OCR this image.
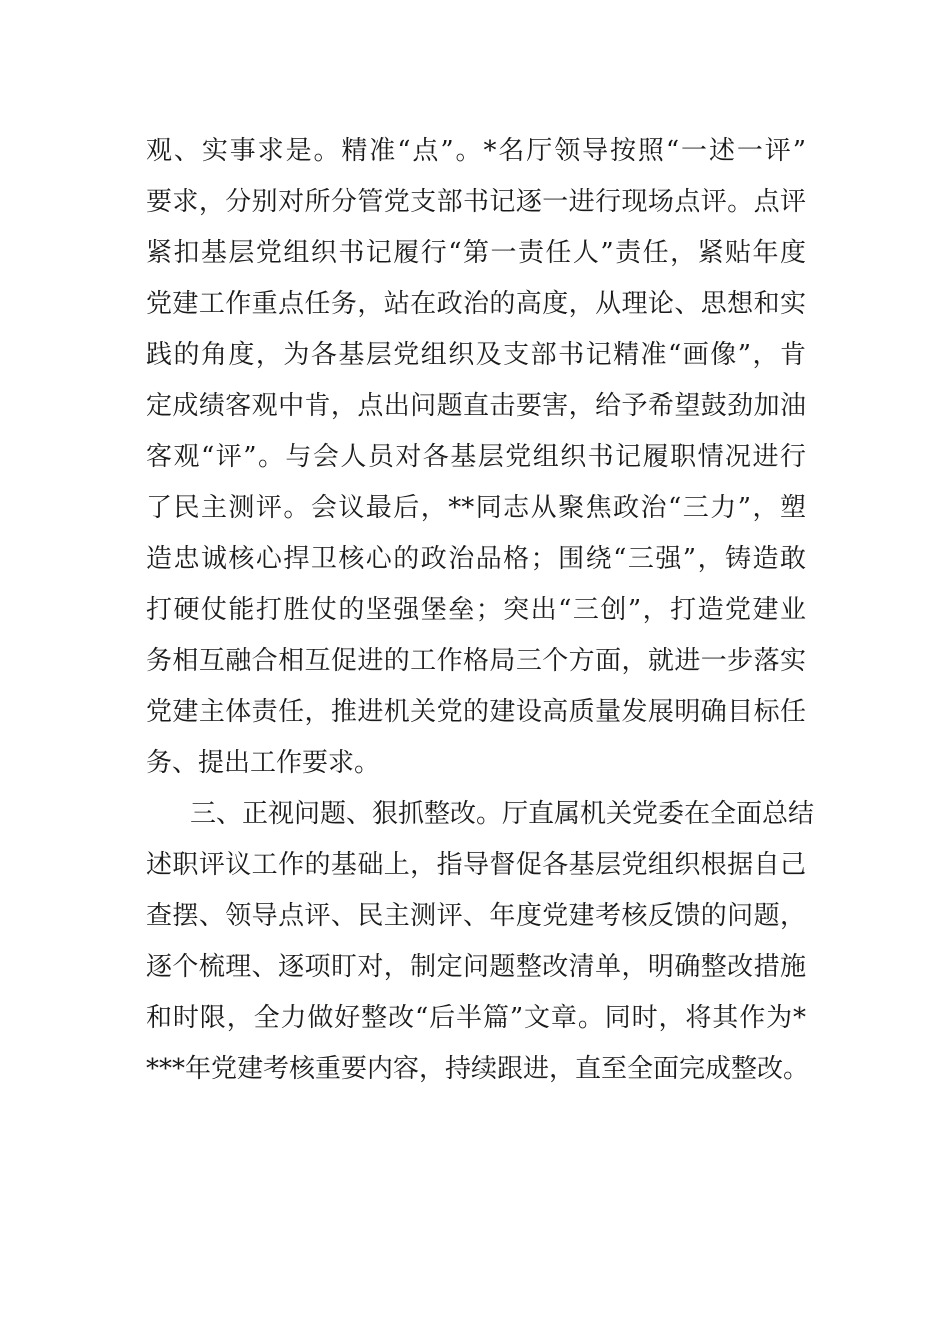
观、实事求是。精准“点”。*名厅领导按照“一述一评”
要求，分别对所分管党支部书记逐一进行现场点评。点评
紧扣基层党组织书记履行“第一责任人”责任，紧贴年度
党建工作重点任务，站在政治的高度，从理论、思想和实
践的角度，为各基层党组织及支部书记精准“画像”，肯
定成绩客观中肯，点出问题直击要害，给予希望鼓劲加油
客观“评”。与会人员对各基层党组织书记履职情况进行
了民主测评。会议最后，**同志从聚焦政治“三力”，塑
造忠诚核心捍卫核心的政治品格；围绕“三强”，铸造敢
打硬仗能打胜仗的坚强堡垒；突出“三创”，打造党建业
务相互融合相互促进的工作格局三个方面，就进一步落实
党建主体责任，推进机关党的建设高质量发展明确目标任
务、提出工作要求。
三、正视问题、狠抓整改。厅直属机关党委在全面总结
述职评议工作的基础上，指导督促各基层党组织根据自己
查摆、领导点评、民主测评、年度党建考核反馈的问题，
逐个梳理、逐项盯对，制定问题整改清单，明确整改措施
和时限，全力做好整改“后半篇”文章。同时，将其作为*
***年党建考核重要内容，持续跟进，直至全面完成整改。
